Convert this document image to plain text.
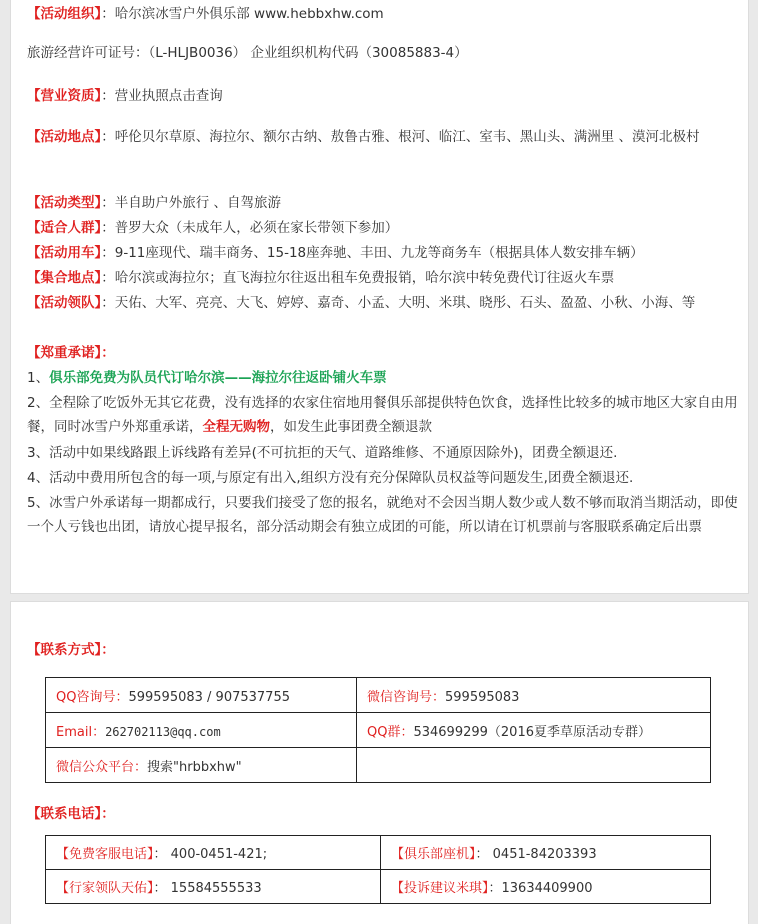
【活动组织】：哈尔滨冰雪户外俱乐部 www.hebbxhw.com
旅游经营许可证号：（L-HLJB0036） 企业组织机构代码（30085883-4）
【营业资质】：营业执照点击查询
【活动地点】：呼伦贝尔草原、海拉尔、额尔古纳、敖鲁古雅、根河、临江、室韦、黑山头、满洲里 、漠河北极村
【活动类型】：半自助户外旅行 、自驾旅游
【适合人群】：普罗大众（未成年人，必须在家长带领下参加）
【活动用车】：9-11座现代、瑞丰商务、15-18座奔驰、丰田、九龙等商务车（根据具体人数安排车辆）
【集合地点】：哈尔滨或海拉尔；直飞海拉尔往返出租车免费报销，哈尔滨中转免费代订往返火车票
【活动领队】：天佑、大军、亮亮、大飞、婷婷、嘉奇、小孟、大明、米琪、晓彤、石头、盈盈、小秋、小海、等
【郑重承诺】：
1、俱乐部免费为队员代订哈尔滨——海拉尔往返卧铺火车票
2、全程除了吃饭外无其它花费，没有选择的农家住宿地用餐俱乐部提供特色饮食，选择性比较多的城市地区大家自由用餐，同时冰雪户外郑重承诺，全程无购物，如发生此事团费全额退款
3、活动中如果线路跟上诉线路有差异(不可抗拒的天气、道路维修、不通原因除外)，团费全额退还.
4、活动中费用所包含的每一项,与原定有出入,组织方没有充分保障队员权益等问题发生,团费全额退还.
5、冰雪户外承诺每一期都成行，只要我们接受了您的报名，就绝对不会因当期人数少或人数不够而取消当期活动，即使一个人亏钱也出团，请放心提早报名，部分活动期会有独立成团的可能，所以请在订机票前与客服联系确定后出票
【联系方式】：
QQ咨询号：599595083 / 907537755	微信咨询号：599595083
Email：262702113@qq.com	QQ群：534699299（2016夏季草原活动专群）
微信公众平台：搜索"hrbbxhw"	
【联系电话】：
【免费客服电话】： 400-0451-421;	【俱乐部座机】： 0451-84203393
【行家领队天佑】： 15584555533	【投诉建议米琪】：13634409900
